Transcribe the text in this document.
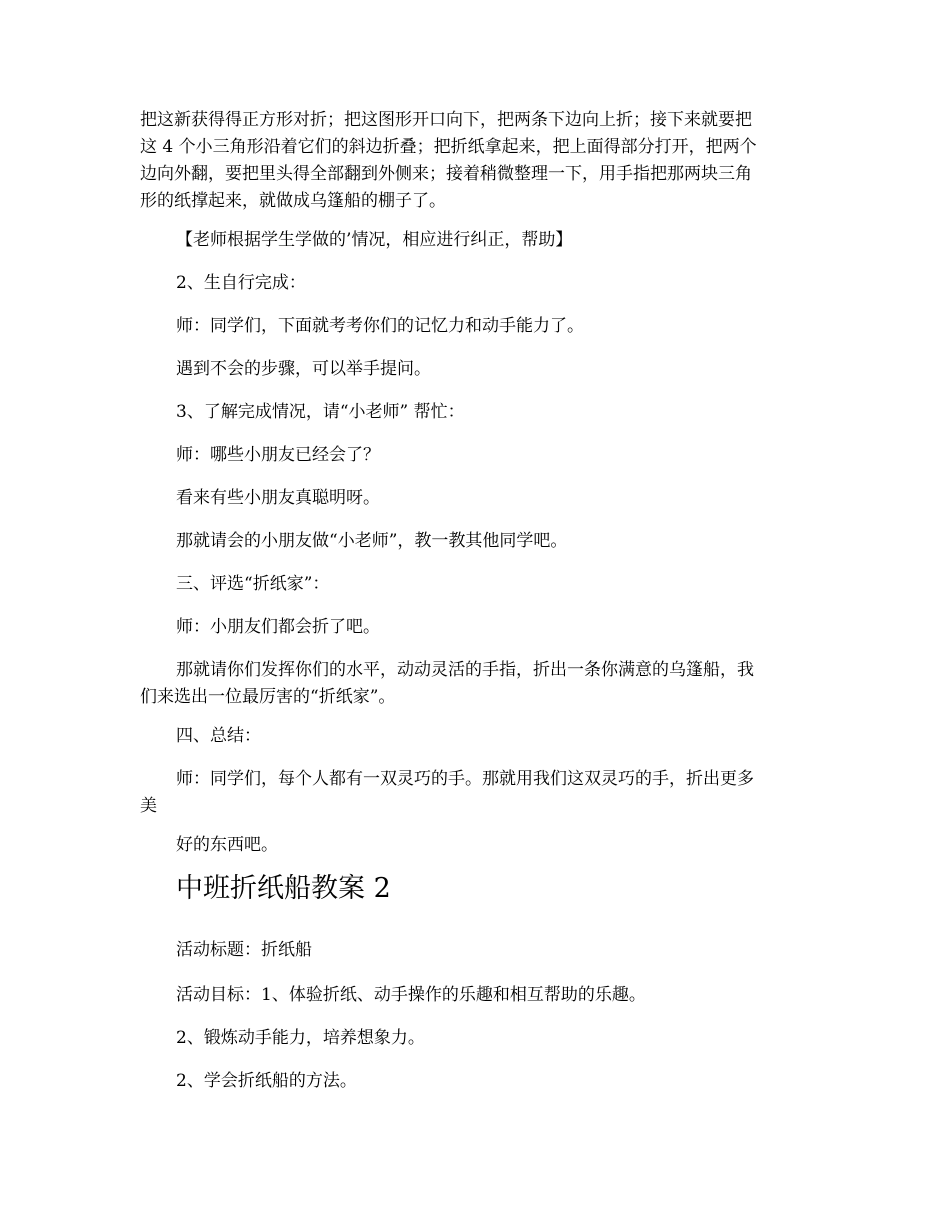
把这新获得得正方形对折；把这图形开口向下，把两条下边向上折；接下来就要把

这 4 个小三角形沿着它们的斜边折叠；把折纸拿起来，把上面得部分打开，把两个

边向外翻，要把里头得全部翻到外侧来；接着稍微整理一下，用手指把那两块三角

形的纸撑起来，就做成乌篷船的棚子了。

【老师根据学生学做的’情况，相应进行纠正，帮助】

2、生自行完成：

师：同学们，下面就考考你们的记忆力和动手能力了。

遇到不会的步骤，可以举手提问。

3、了解完成情况，请“小老师” 帮忙：

师：哪些小朋友已经会了？

看来有些小朋友真聪明呀。

那就请会的小朋友做“小老师”，教一教其他同学吧。

三、评选“折纸家”：

师：小朋友们都会折了吧。

那就请你们发挥你们的水平，动动灵活的手指，折出一条你满意的乌篷船，我

们来选出一位最厉害的“折纸家”。

四、总结：

师：同学们，每个人都有一双灵巧的手。那就用我们这双灵巧的手，折出更多

美

好的东西吧。

中班折纸船教案 2

活动标题：折纸船

活动目标：1、体验折纸、动手操作的乐趣和相互帮助的乐趣。

2、锻炼动手能力，培养想象力。

2、学会折纸船的方法。
